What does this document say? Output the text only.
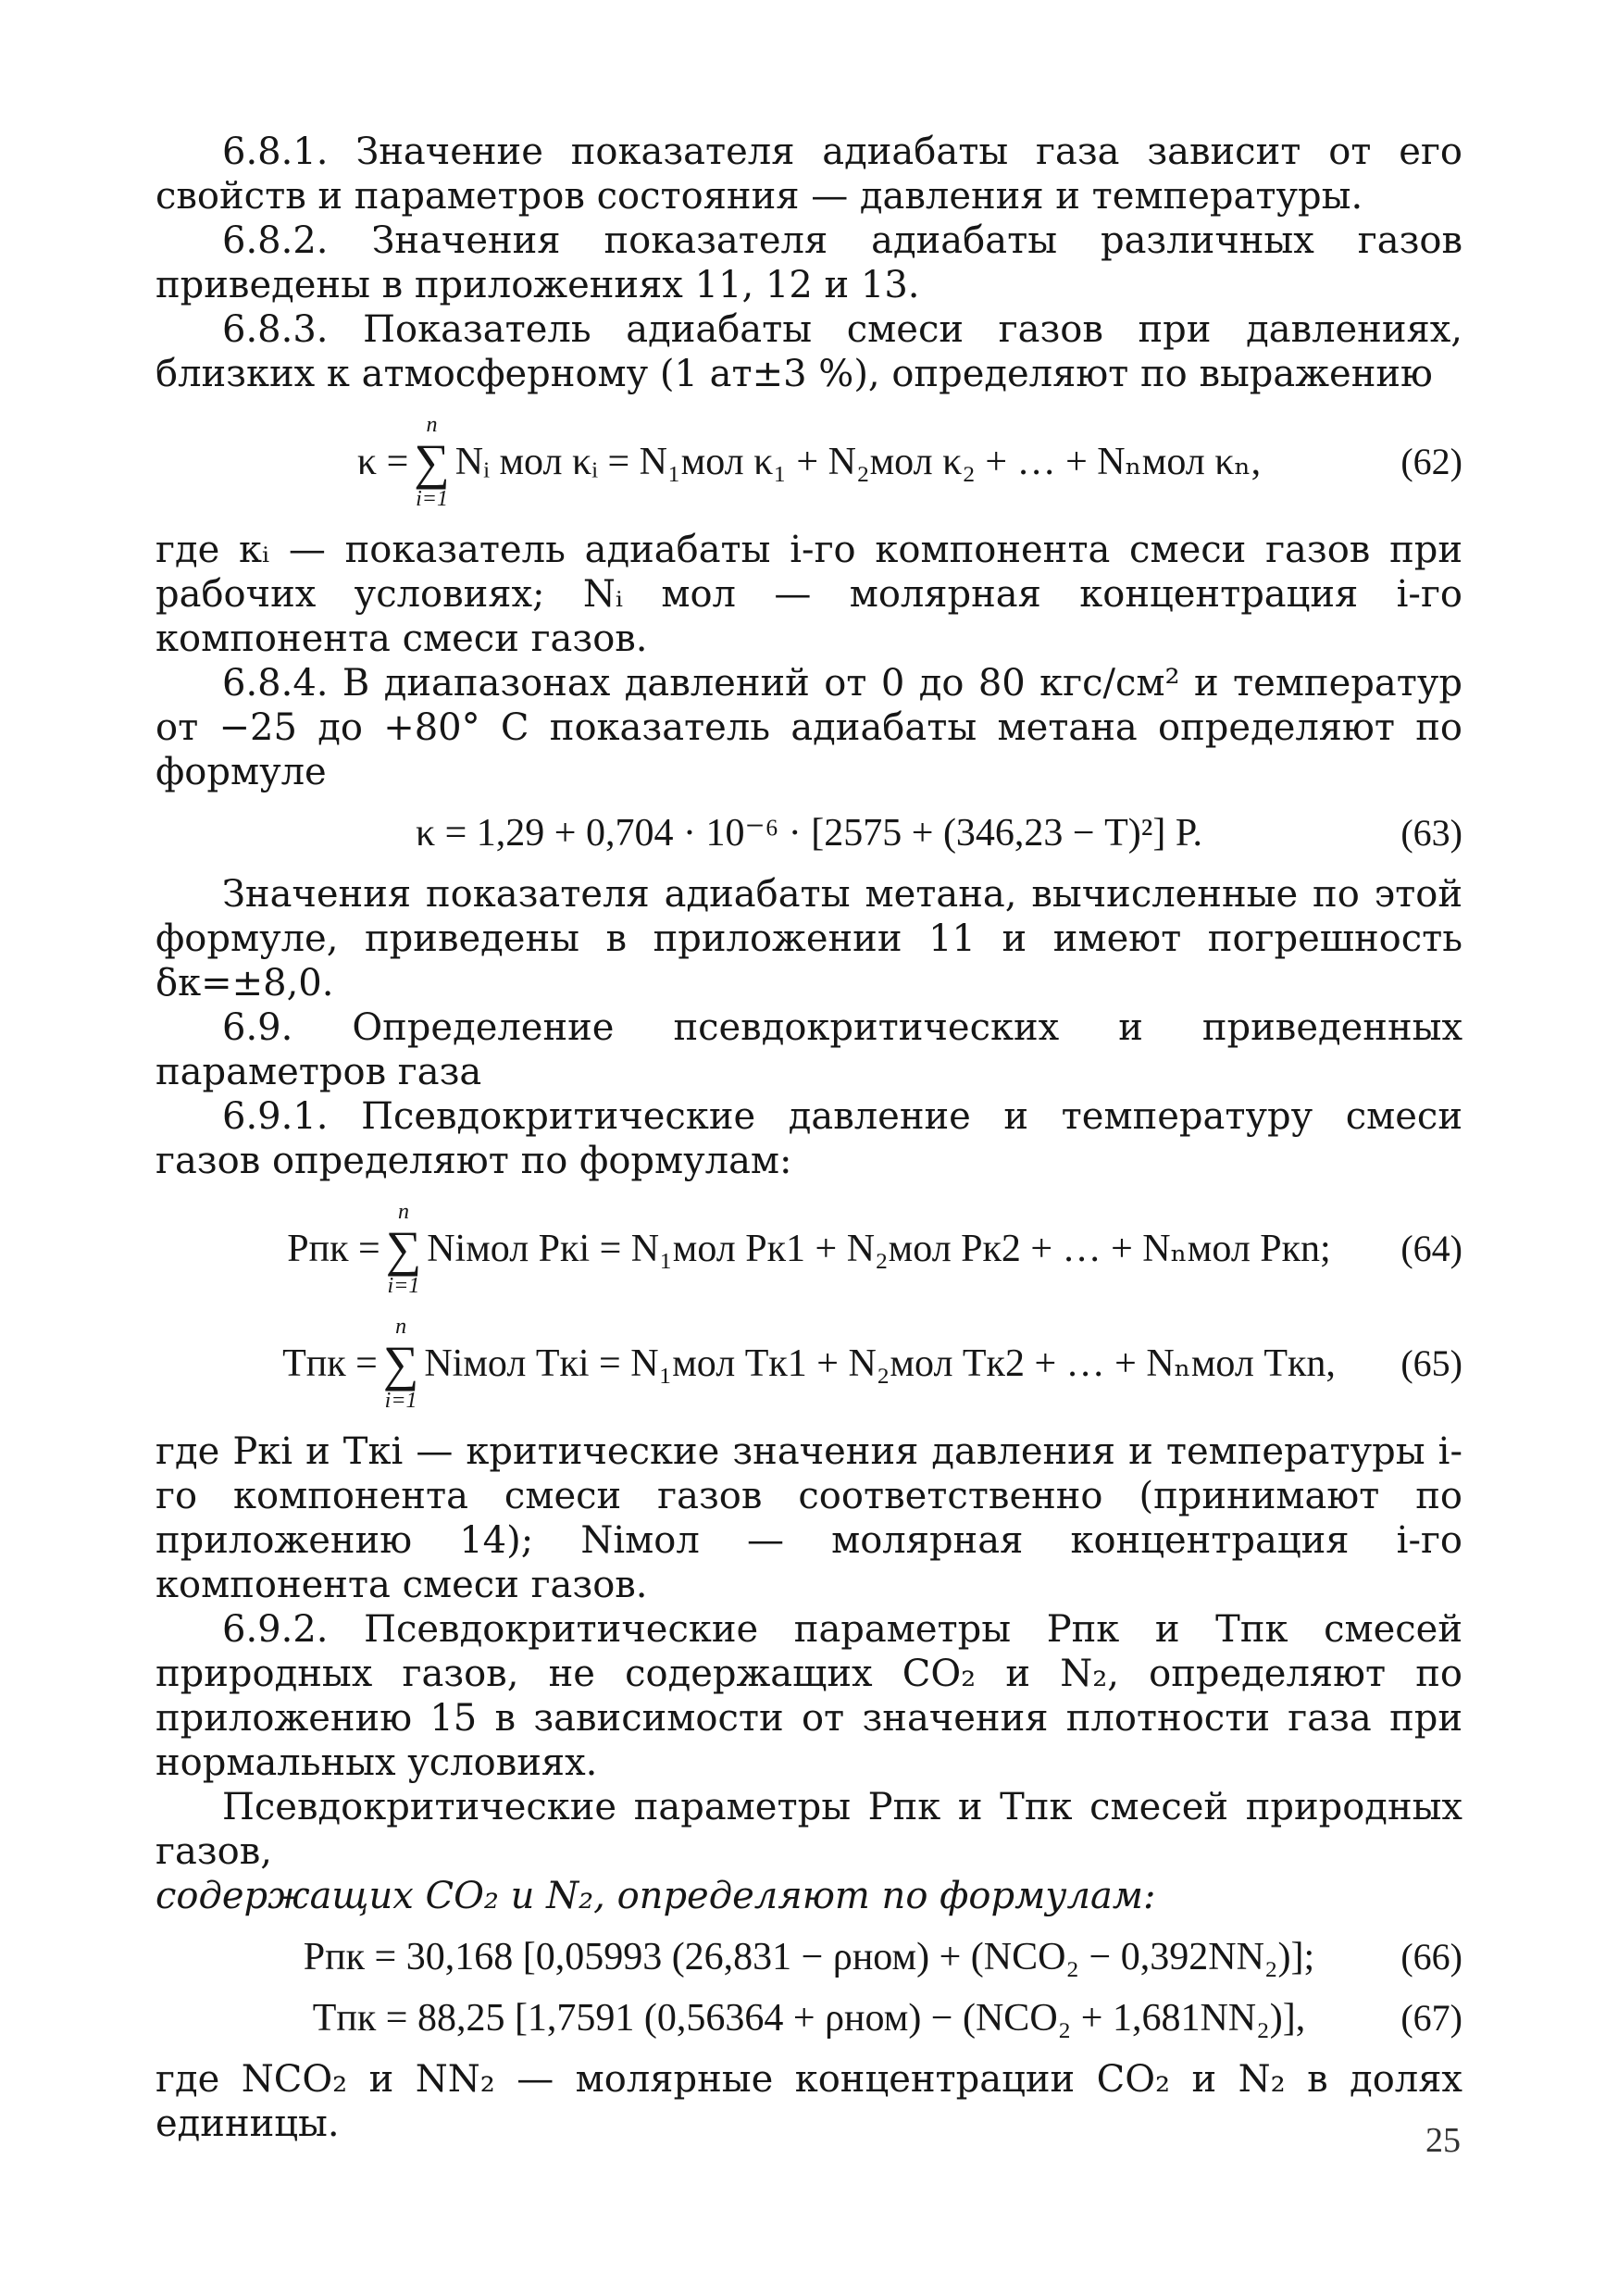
6.8.1. Значение показателя адиабаты газа зависит от его свойств и параметров состояния — давления и температуры.

6.8.2. Значения показателя адиабаты различных газов приведены в приложениях 11, 12 и 13.

6.8.3. Показатель адиабаты смеси газов при давлениях, близких к атмосферному (1 ат±3 %), определяют по выражению

κ =
n
∑
i=1
Nᵢ мол κᵢ = N₁мол κ₁ + N₂мол κ₂ + … + Nₙмол κₙ,	(62)

где κᵢ — показатель адиабаты i-го компонента смеси газов при рабочих условиях; Nᵢ мол — молярная концентрация i-го компонента смеси газов.

6.8.4. В диапазонах давлений от 0 до 80 кгс/см² и температур от −25 до +80° С показатель адиабаты метана определяют по формуле

κ = 1,29 + 0,704 · 10⁻⁶ · [2575 + (346,23 − T)²] P.	(63)

Значения показателя адиабаты метана, вычисленные по этой формуле, приведены в приложении 11 и имеют погрешность δκ=±8,0.

6.9. Определение псевдокритических и приведенных параметров газа

6.9.1. Псевдокритические давление и температуру смеси газов определяют по формулам:

Pпк =
n
∑
i=1
Niмол Pкi = N₁мол Pк1 + N₂мол Pк2 + … + Nₙмол Pкn; (64)
Tпк =
n
∑
i=1
Niмол Tкi = N₁мол Tк1 + N₂мол Tк2 + … + Nₙмол Tкn, (65)

где Pкi и Tкi — критические значения давления и температуры i-го компонента смеси газов соответственно (принимают по приложению 14); Niмол — молярная концентрация i-го компонента смеси газов.

6.9.2. Псевдокритические параметры Pпк и Tпк смесей природных газов, не содержащих CO₂ и N₂, определяют по приложению 15 в зависимости от значения плотности газа при нормальных условиях.

Псевдокритические параметры Pпк и Tпк смесей природных газов,

содержащих CO₂ и N₂, определяют по формулам:

Pпк = 30,168 [0,05993 (26,831 − ρном) + (NCO₂ − 0,392NN₂)]; (66)
Tпк = 88,25 [1,7591 (0,56364 + ρном) − (NCO₂ + 1,681NN₂)],	(67)

где NCO₂ и NN₂ — молярные концентрации CO₂ и N₂ в долях единицы.	25
